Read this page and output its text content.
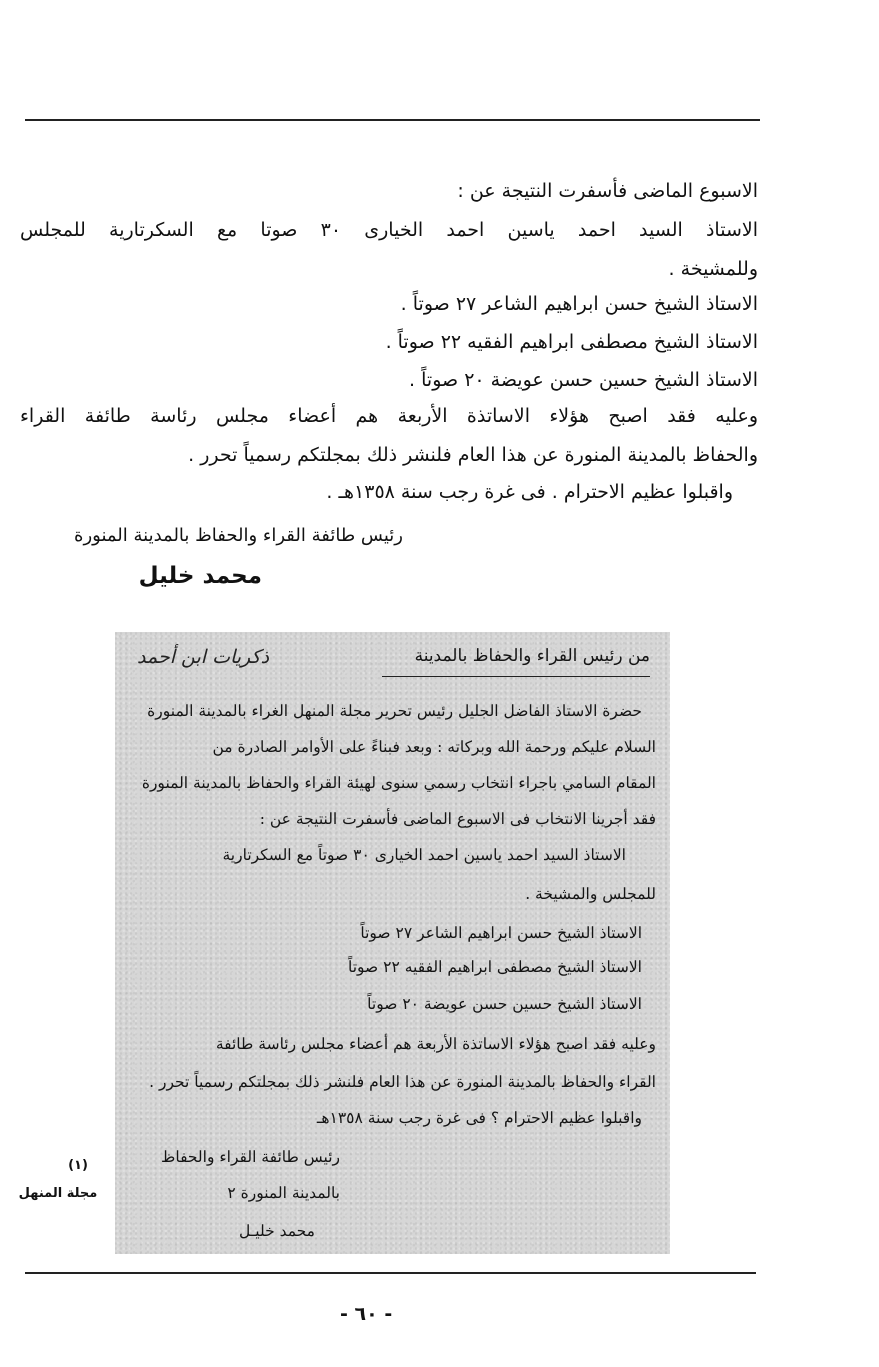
الاسبوع الماضى فأسفرت النتيجة عن :
الاستاذ السيد احمد ياسين احمد الخيارى ٣٠ صوتا مع السكرتارية للمجلس
وللمشيخة .
الاستاذ الشيخ حسن ابراهيم الشاعر ٢٧ صوتاً .
الاستاذ الشيخ مصطفى ابراهيم الفقيه ٢٢ صوتاً .
الاستاذ الشيخ حسين حسن عويضة ٢٠ صوتاً .
وعليه فقد اصبح هؤلاء الاساتذة الأربعة هم أعضاء مجلس رئاسة طائفة القراء
والحفاظ بالمدينة المنورة عن هذا العام فلنشر ذلك بمجلتكم رسمياً تحرر .
واقبلوا عظيم الاحترام . فى غرة رجب سنة ١٣٥٨هـ .
رئيس طائفة القراء والحفاظ بالمدينة المنورة
محمد خليل
ذكريات ابن أحمد	من رئيس القراء والحفاظ بالمدينة
حضرة الاستاذ الفاضل الجليل رئيس تحرير مجلة المنهل الغراء بالمدينة المنورة
السلام عليكم ورحمة الله وبركاته : وبعد فبناءً على الأوامر الصادرة من
المقام السامي باجراء انتخاب رسمي سنوى لهيئة القراء والحفاظ بالمدينة المنورة
فقد أجرينا الانتخاب فى الاسبوع الماضى فأسفرت النتيجة عن :
الاستاذ السيد احمد ياسين احمد الخيارى ٣٠ صوتاً مع السكرتارية
للمجلس والمشيخة .
الاستاذ الشيخ حسن ابراهيم الشاعر ٢٧ صوتاً
الاستاذ الشيخ مصطفى ابراهيم الفقيه ٢٢ صوتاً
الاستاذ الشيخ حسين حسن عويضة ٢٠ صوتاً
وعليه فقد اصبح هؤلاء الاساتذة الأربعة هم أعضاء مجلس رئاسة طائفة
القراء والحفاظ بالمدينة المنورة عن هذا العام فلنشر ذلك بمجلتكم رسمياً تحرر .
واقبلوا عظيم الاحترام ؟ فى غرة رجب سنة ١٣٥٨هـ
رئيس طائفة القراء والحفاظ
بالمدينة المنورة ٢
محمد خليـل
(١)
مجلة المنهل
- ٦٠ -
